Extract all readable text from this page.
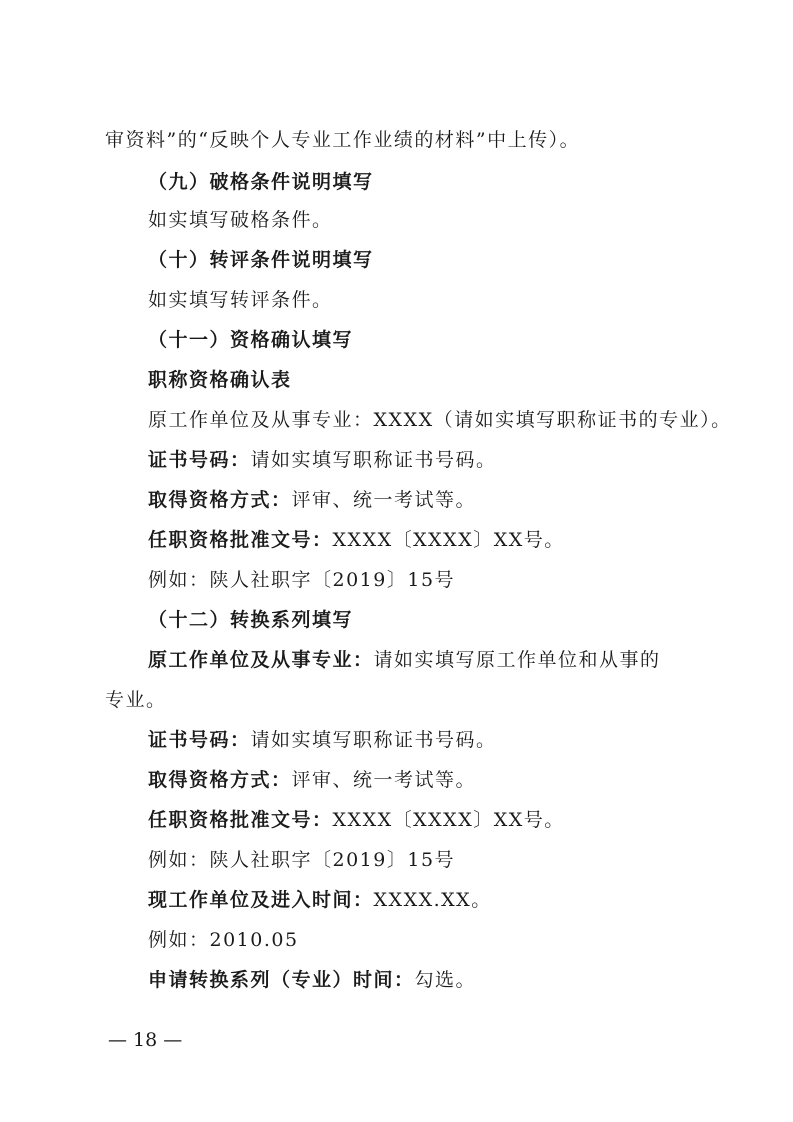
审资料”的“反映个人专业工作业绩的材料”中上传）。
（九）破格条件说明填写
如实填写破格条件。
（十）转评条件说明填写
如实填写转评条件。
（十一）资格确认填写
职称资格确认表
原工作单位及从事专业：XXXX（请如实填写职称证书的专业）。
证书号码：请如实填写职称证书号码。
取得资格方式：评审、统一考试等。
任职资格批准文号：XXXX〔XXXX〕XX号。
例如：陕人社职字〔2019〕15号
（十二）转换系列填写
原工作单位及从事专业：请如实填写原工作单位和从事的
专业。
证书号码：请如实填写职称证书号码。
取得资格方式：评审、统一考试等。
任职资格批准文号：XXXX〔XXXX〕XX号。
例如：陕人社职字〔2019〕15号
现工作单位及进入时间：XXXX.XX。
例如：2010.05
申请转换系列（专业）时间：勾选。
— 18 —
